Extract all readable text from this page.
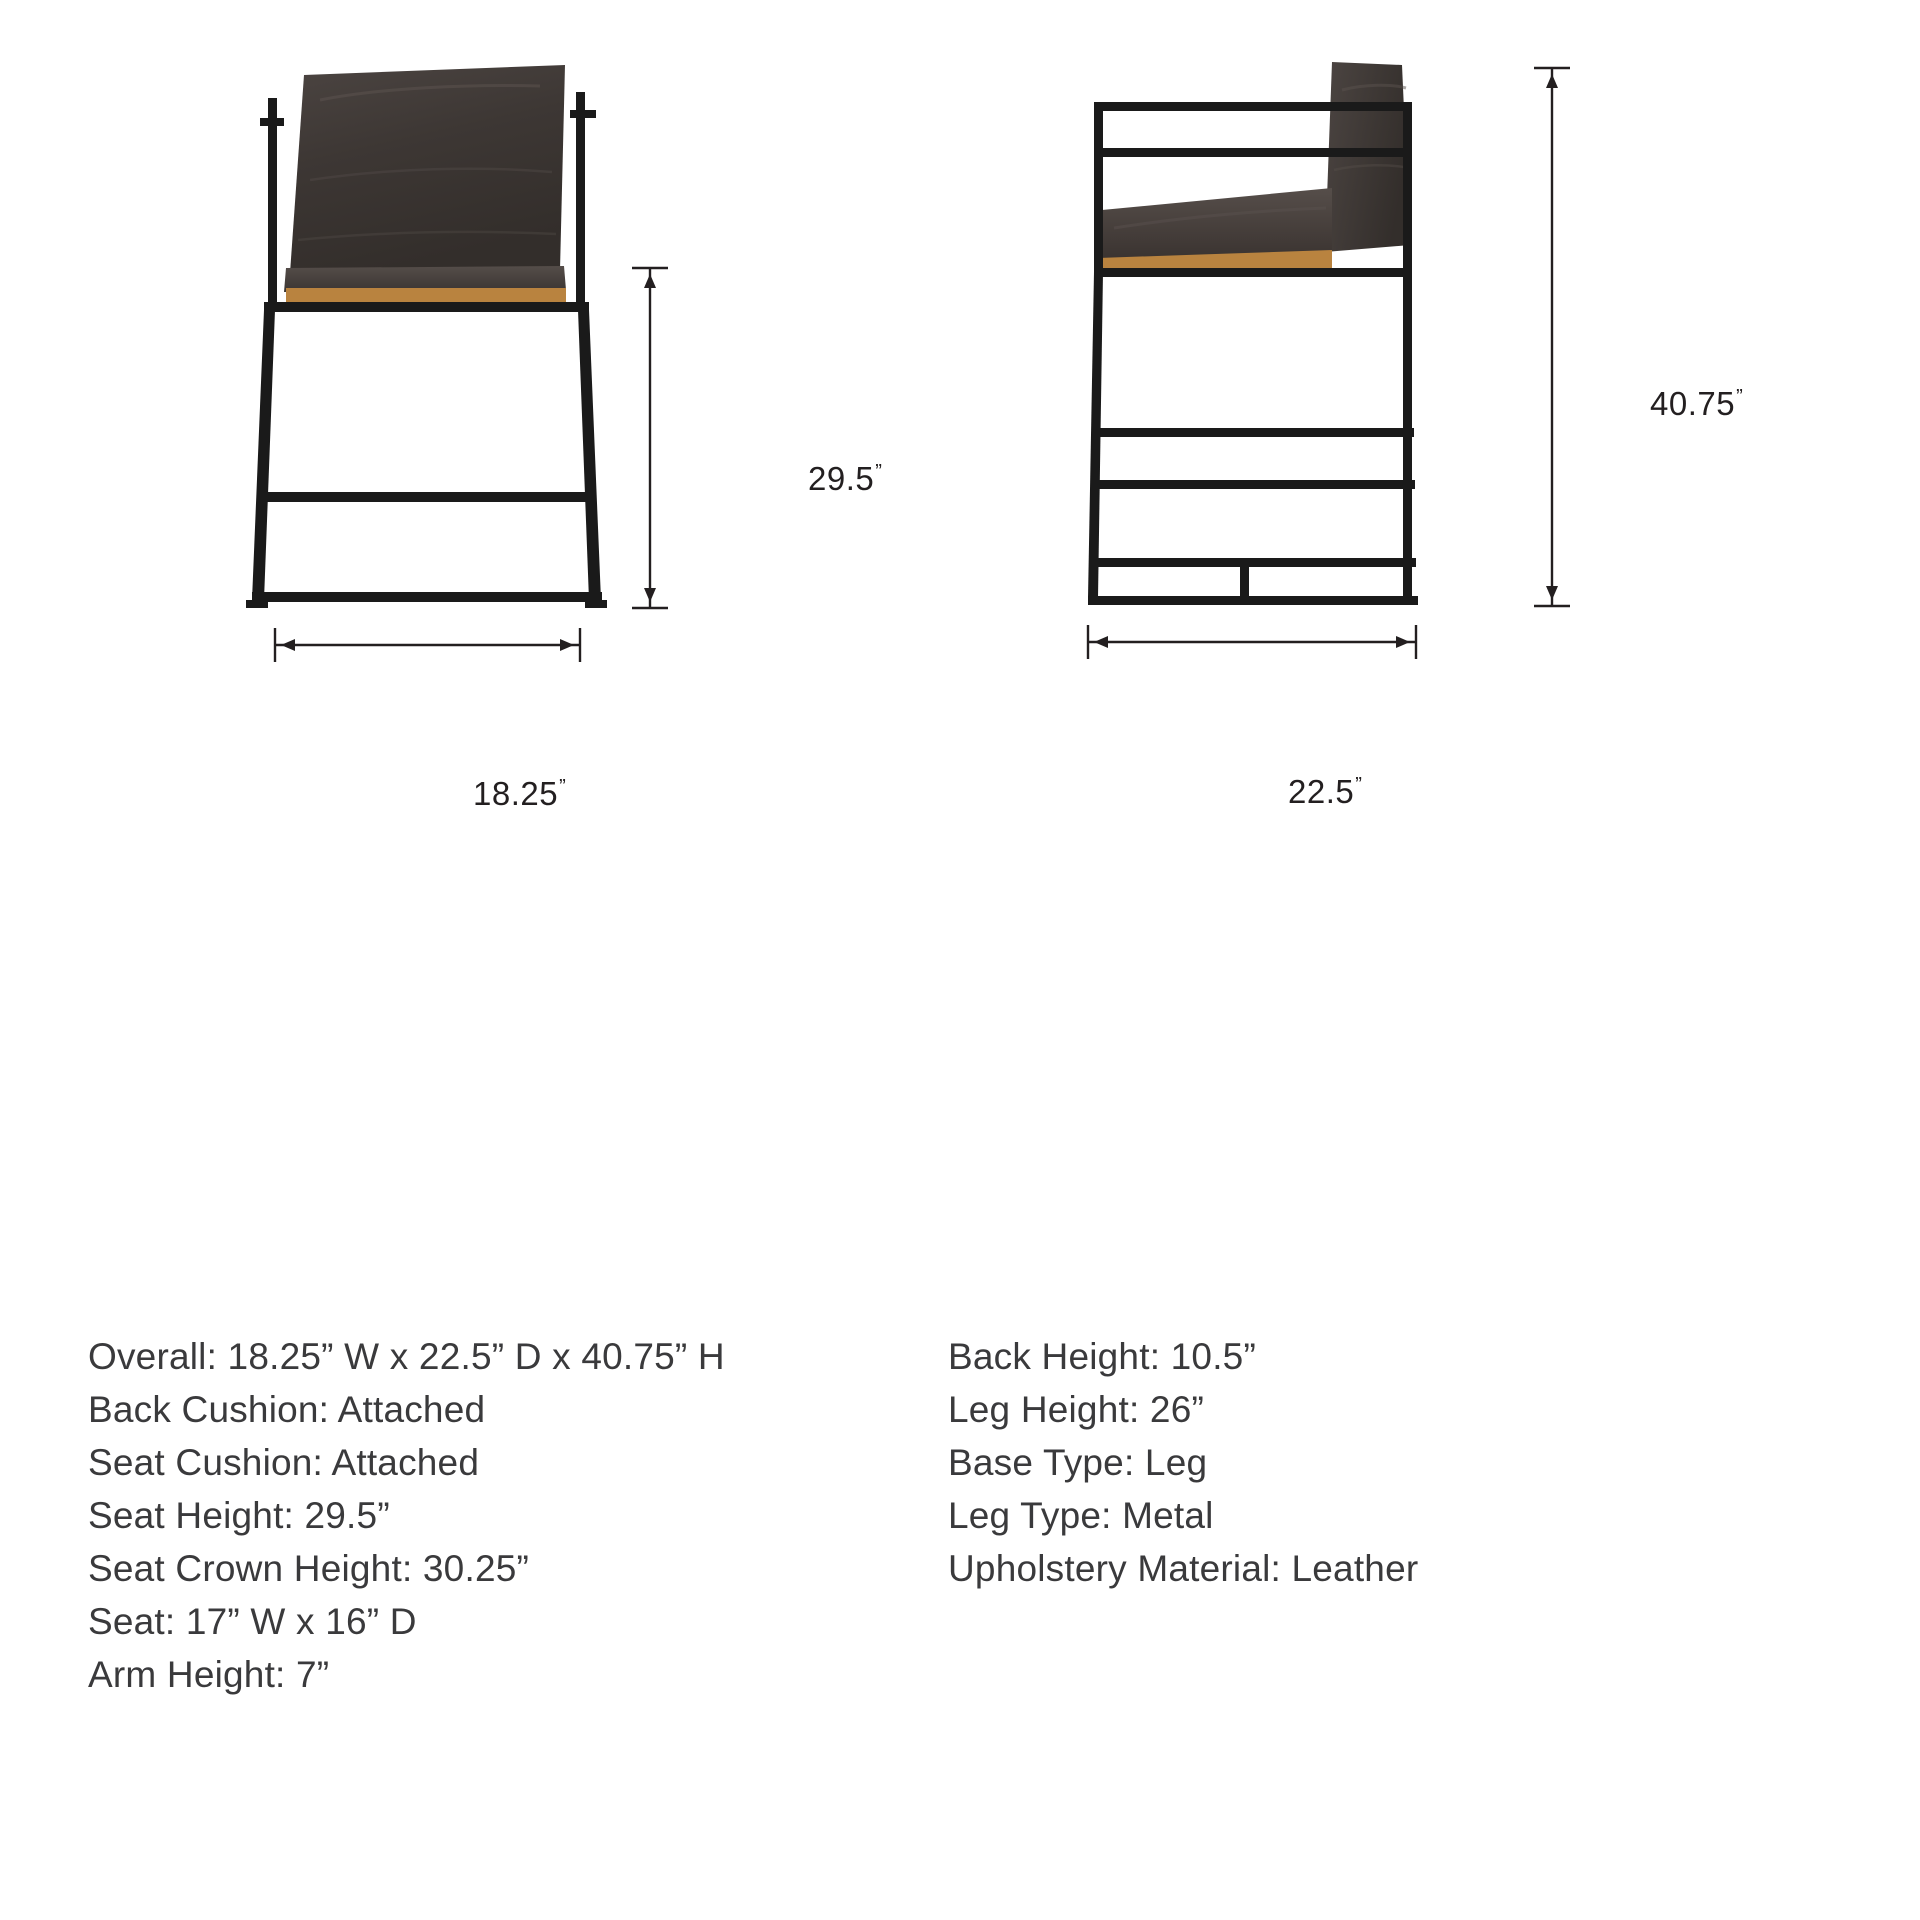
29.5”
18.25”
40.75”
22.5”
Overall: 18.25” W x 22.5” D x 40.75” H
Back Cushion: Attached
Seat Cushion: Attached
Seat Height: 29.5”
Seat Crown Height: 30.25”
Seat: 17” W x 16” D
Arm Height: 7”
Back Height: 10.5”
Leg Height: 26”
Base Type: Leg
Leg Type: Metal
Upholstery Material: Leather
